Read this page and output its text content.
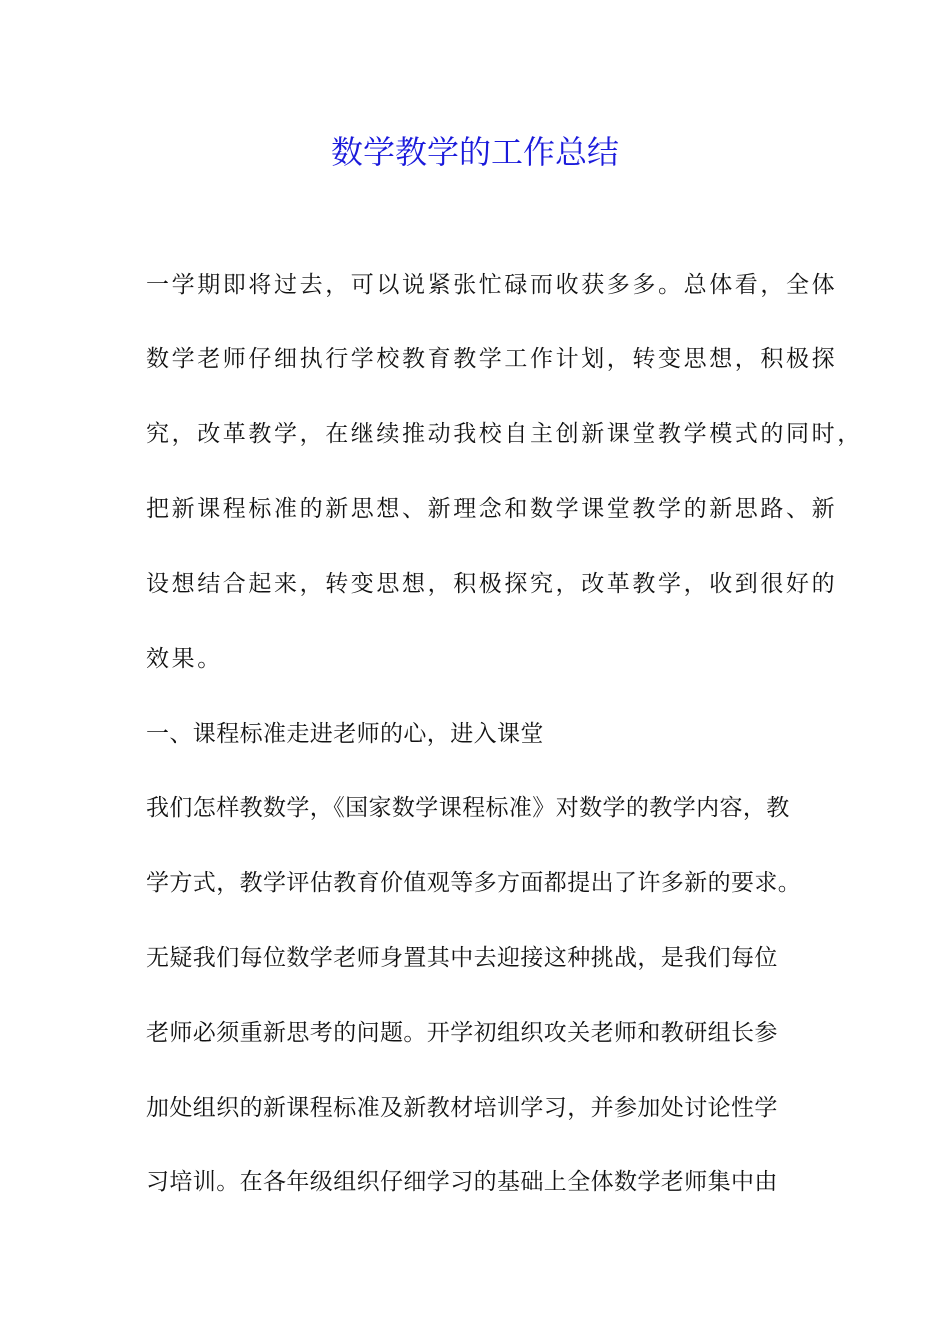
数学教学的工作总结
一学期即将过去，可以说紧张忙碌而收获多多。总体看，全体
数学老师仔细执行学校教育教学工作计划，转变思想，积极探
究，改革教学，在继续推动我校自主创新课堂教学模式的同时，
把新课程标准的新思想、新理念和数学课堂教学的新思路、新
设想结合起来，转变思想，积极探究，改革教学，收到很好的
效果。
一、课程标准走进老师的心，进入课堂
我们怎样教数学，《国家数学课程标准》对数学的教学内容，教
学方式，教学评估教育价值观等多方面都提出了许多新的要求。
无疑我们每位数学老师身置其中去迎接这种挑战，是我们每位
老师必须重新思考的问题。开学初组织攻关老师和教研组长参
加处组织的新课程标准及新教材培训学习，并参加处讨论性学
习培训。在各年级组织仔细学习的基础上全体数学老师集中由
